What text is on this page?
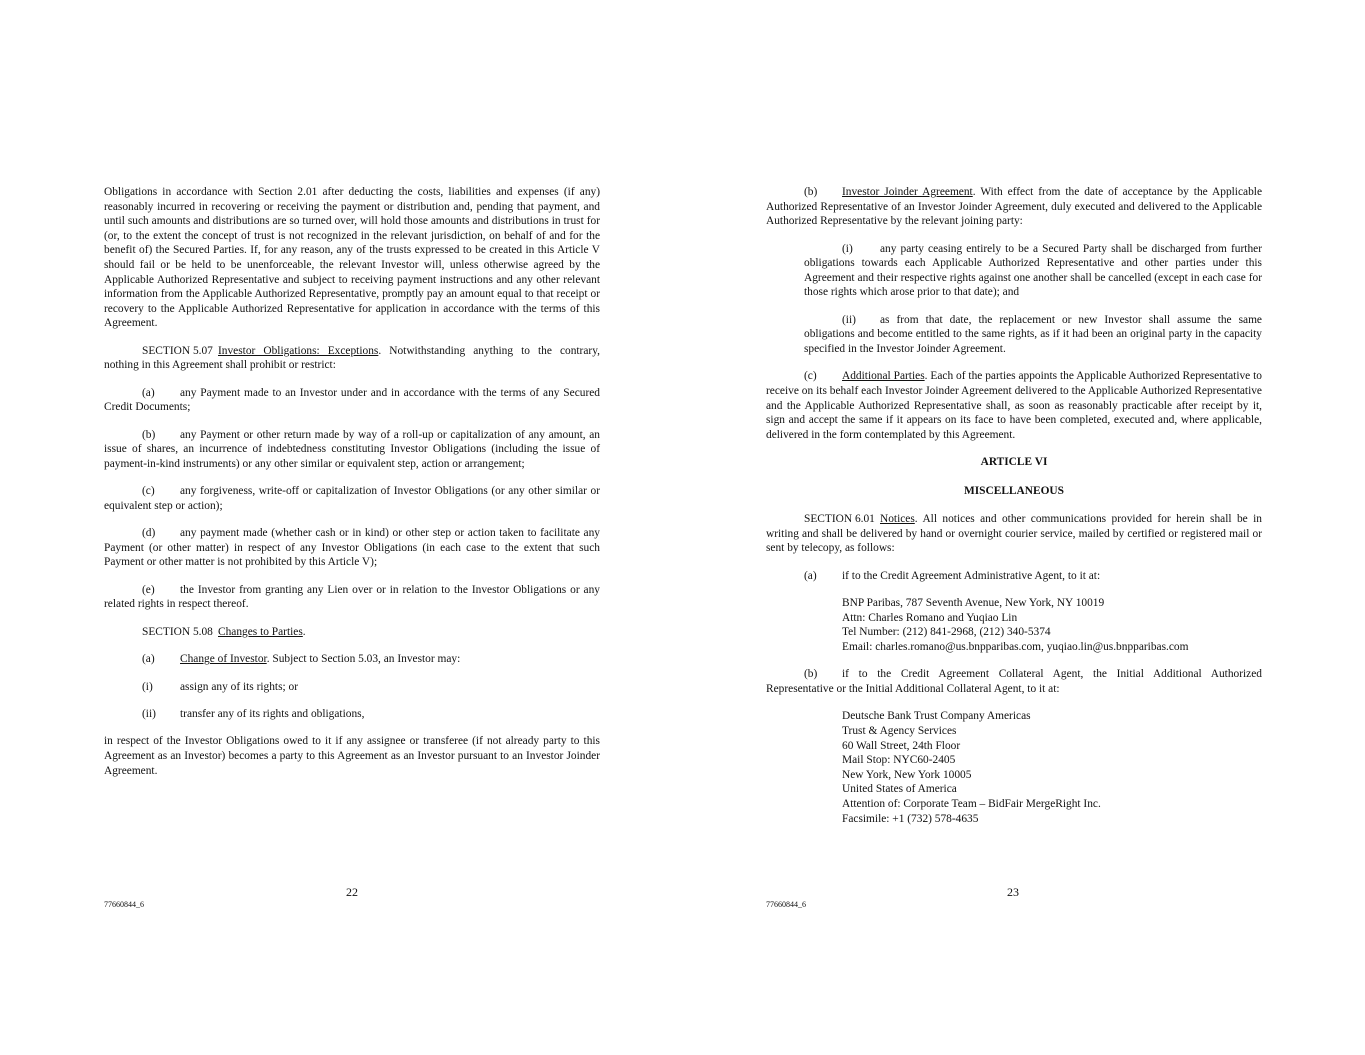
Obligations in accordance with Section 2.01 after deducting the costs, liabilities and expenses (if any) reasonably incurred in recovering or receiving the payment or distribution and, pending that payment, and until such amounts and distributions are so turned over, will hold those amounts and distributions in trust for (or, to the extent the concept of trust is not recognized in the relevant jurisdiction, on behalf of and for the benefit of) the Secured Parties. If, for any reason, any of the trusts expressed to be created in this Article V should fail or be held to be unenforceable, the relevant Investor will, unless otherwise agreed by the Applicable Authorized Representative and subject to receiving payment instructions and any other relevant information from the Applicable Authorized Representative, promptly pay an amount equal to that receipt or recovery to the Applicable Authorized Representative for application in accordance with the terms of this Agreement.

SECTION 5.07 Investor Obligations: Exceptions. Notwithstanding anything to the contrary, nothing in this Agreement shall prohibit or restrict:

(a) any Payment made to an Investor under and in accordance with the terms of any Secured Credit Documents;

(b) any Payment or other return made by way of a roll-up or capitalization of any amount, an issue of shares, an incurrence of indebtedness constituting Investor Obligations (including the issue of payment-in-kind instruments) or any other similar or equivalent step, action or arrangement;

(c) any forgiveness, write-off or capitalization of Investor Obligations (or any other similar or equivalent step or action);

(d) any payment made (whether cash or in kind) or other step or action taken to facilitate any Payment (or other matter) in respect of any Investor Obligations (in each case to the extent that such Payment or other matter is not prohibited by this Article V);

(e) the Investor from granting any Lien over or in relation to the Investor Obligations or any related rights in respect thereof.

SECTION 5.08 Changes to Parties.

(a) Change of Investor. Subject to Section 5.03, an Investor may:

(i) assign any of its rights; or

(ii) transfer any of its rights and obligations,

in respect of the Investor Obligations owed to it if any assignee or transferee (if not already party to this Agreement as an Investor) becomes a party to this Agreement as an Investor pursuant to an Investor Joinder Agreement.

22
77660844_6

(b) Investor Joinder Agreement. With effect from the date of acceptance by the Applicable Authorized Representative of an Investor Joinder Agreement, duly executed and delivered to the Applicable Authorized Representative by the relevant joining party:

(i) any party ceasing entirely to be a Secured Party shall be discharged from further obligations towards each Applicable Authorized Representative and other parties under this Agreement and their respective rights against one another shall be cancelled (except in each case for those rights which arose prior to that date); and

(ii) as from that date, the replacement or new Investor shall assume the same obligations and become entitled to the same rights, as if it had been an original party in the capacity specified in the Investor Joinder Agreement.

(c) Additional Parties. Each of the parties appoints the Applicable Authorized Representative to receive on its behalf each Investor Joinder Agreement delivered to the Applicable Authorized Representative and the Applicable Authorized Representative shall, as soon as reasonably practicable after receipt by it, sign and accept the same if it appears on its face to have been completed, executed and, where applicable, delivered in the form contemplated by this Agreement.

ARTICLE VI

MISCELLANEOUS

SECTION 6.01 Notices. All notices and other communications provided for herein shall be in writing and shall be delivered by hand or overnight courier service, mailed by certified or registered mail or sent by telecopy, as follows:

(a) if to the Credit Agreement Administrative Agent, to it at:

BNP Paribas, 787 Seventh Avenue, New York, NY 10019
Attn: Charles Romano and Yuqiao Lin
Tel Number: (212) 841-2968, (212) 340-5374
Email: charles.romano@us.bnpparibas.com, yuqiao.lin@us.bnpparibas.com

(b) if to the Credit Agreement Collateral Agent, the Initial Additional Authorized Representative or the Initial Additional Collateral Agent, to it at:

Deutsche Bank Trust Company Americas
Trust & Agency Services
60 Wall Street, 24th Floor
Mail Stop: NYC60-2405
New York, New York 10005
United States of America
Attention of: Corporate Team – BidFair MergeRight Inc.
Facsimile: +1 (732) 578-4635
23
77660844_6
